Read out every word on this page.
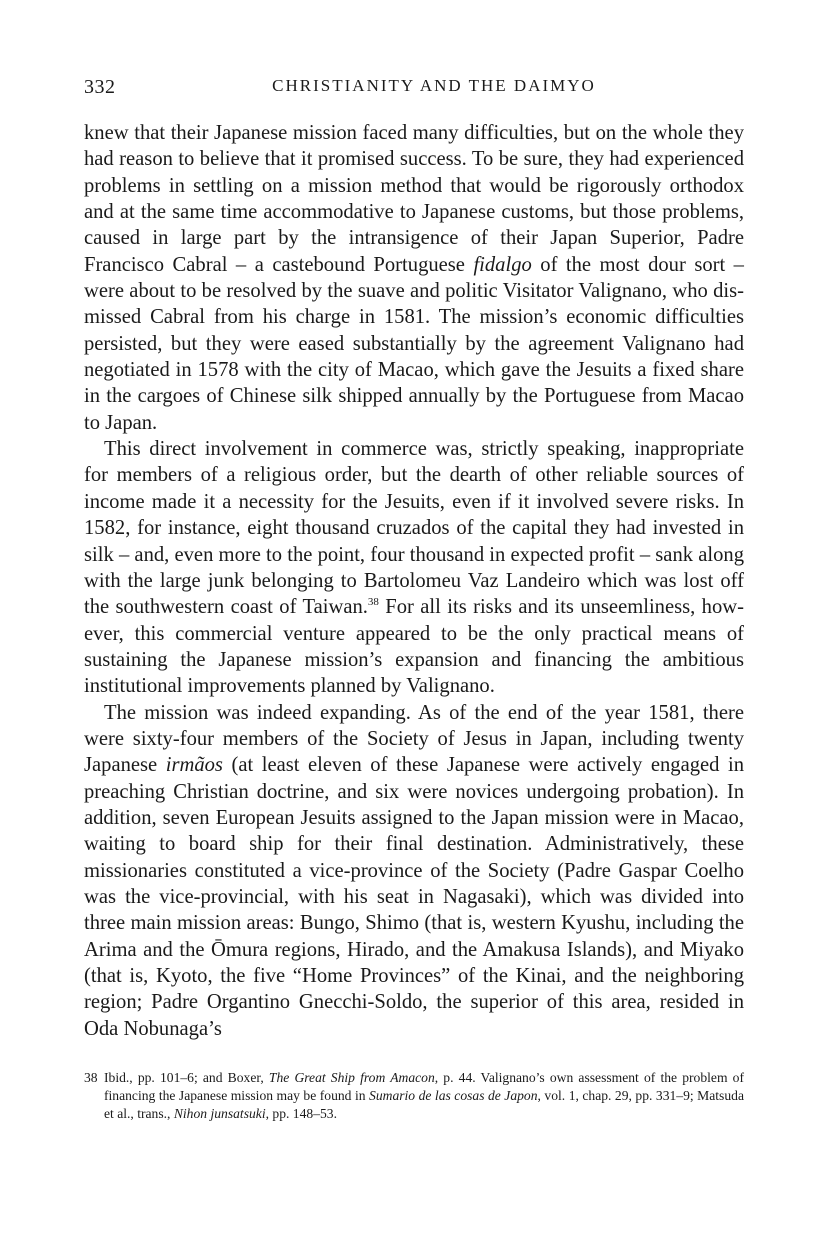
332	CHRISTIANITY AND THE DAIMYO

knew that their Japanese mission faced many difficulties, but on the whole they had reason to believe that it promised success. To be sure, they had experienced problems in settling on a mission method that would be rigorously orthodox and at the same time accommodative to Japanese customs, but those problems, caused in large part by the intransigence of their Japan Superior, Padre Francisco Cabral – a castebound Portuguese fidalgo of the most dour sort – were about to be resolved by the suave and politic Visitator Valignano, who dismissed Cabral from his charge in 1581. The mission’s economic difficulties persisted, but they were eased substantially by the agreement Valignano had negotiated in 1578 with the city of Macao, which gave the Jesuits a fixed share in the cargoes of Chinese silk shipped annually by the Portuguese from Macao to Japan.

This direct involvement in commerce was, strictly speaking, inappropriate for members of a religious order, but the dearth of other reliable sources of income made it a necessity for the Jesuits, even if it involved severe risks. In 1582, for instance, eight thousand cruzados of the capital they had invested in silk – and, even more to the point, four thousand in expected profit – sank along with the large junk belonging to Bartolomeu Vaz Landeiro which was lost off the southwestern coast of Taiwan.$^{38}$ For all its risks and its unseemliness, however, this commercial venture appeared to be the only practical means of sustaining the Japanese mission’s expansion and financing the ambitious institutional improvements planned by Valignano.

The mission was indeed expanding. As of the end of the year 1581, there were sixty-four members of the Society of Jesus in Japan, including twenty Japanese irmãos (at least eleven of these Japanese were actively engaged in preaching Christian doctrine, and six were novices undergoing probation). In addition, seven European Jesuits assigned to the Japan mission were in Macao, waiting to board ship for their final destination. Administratively, these missionaries constituted a vice-province of the Society (Padre Gaspar Coelho was the vice-provincial, with his seat in Nagasaki), which was divided into three main mission areas: Bungo, Shimo (that is, western Kyushu, including the Arima and the Ōmura regions, Hirado, and the Amakusa Islands), and Miyako (that is, Kyoto, the five “Home Provinces” of the Kinai, and the neighboring region; Padre Organtino Gnecchi-Soldo, the superior of this area, resided in Oda Nobunaga’s

38 Ibid., pp. 101–6; and Boxer, The Great Ship from Amacon, p. 44. Valignano’s own assessment of the problem of financing the Japanese mission may be found in Sumario de las cosas de Japon, vol. 1, chap. 29, pp. 331–9; Matsuda et al., trans., Nihon junsatsuki, pp. 148–53.
